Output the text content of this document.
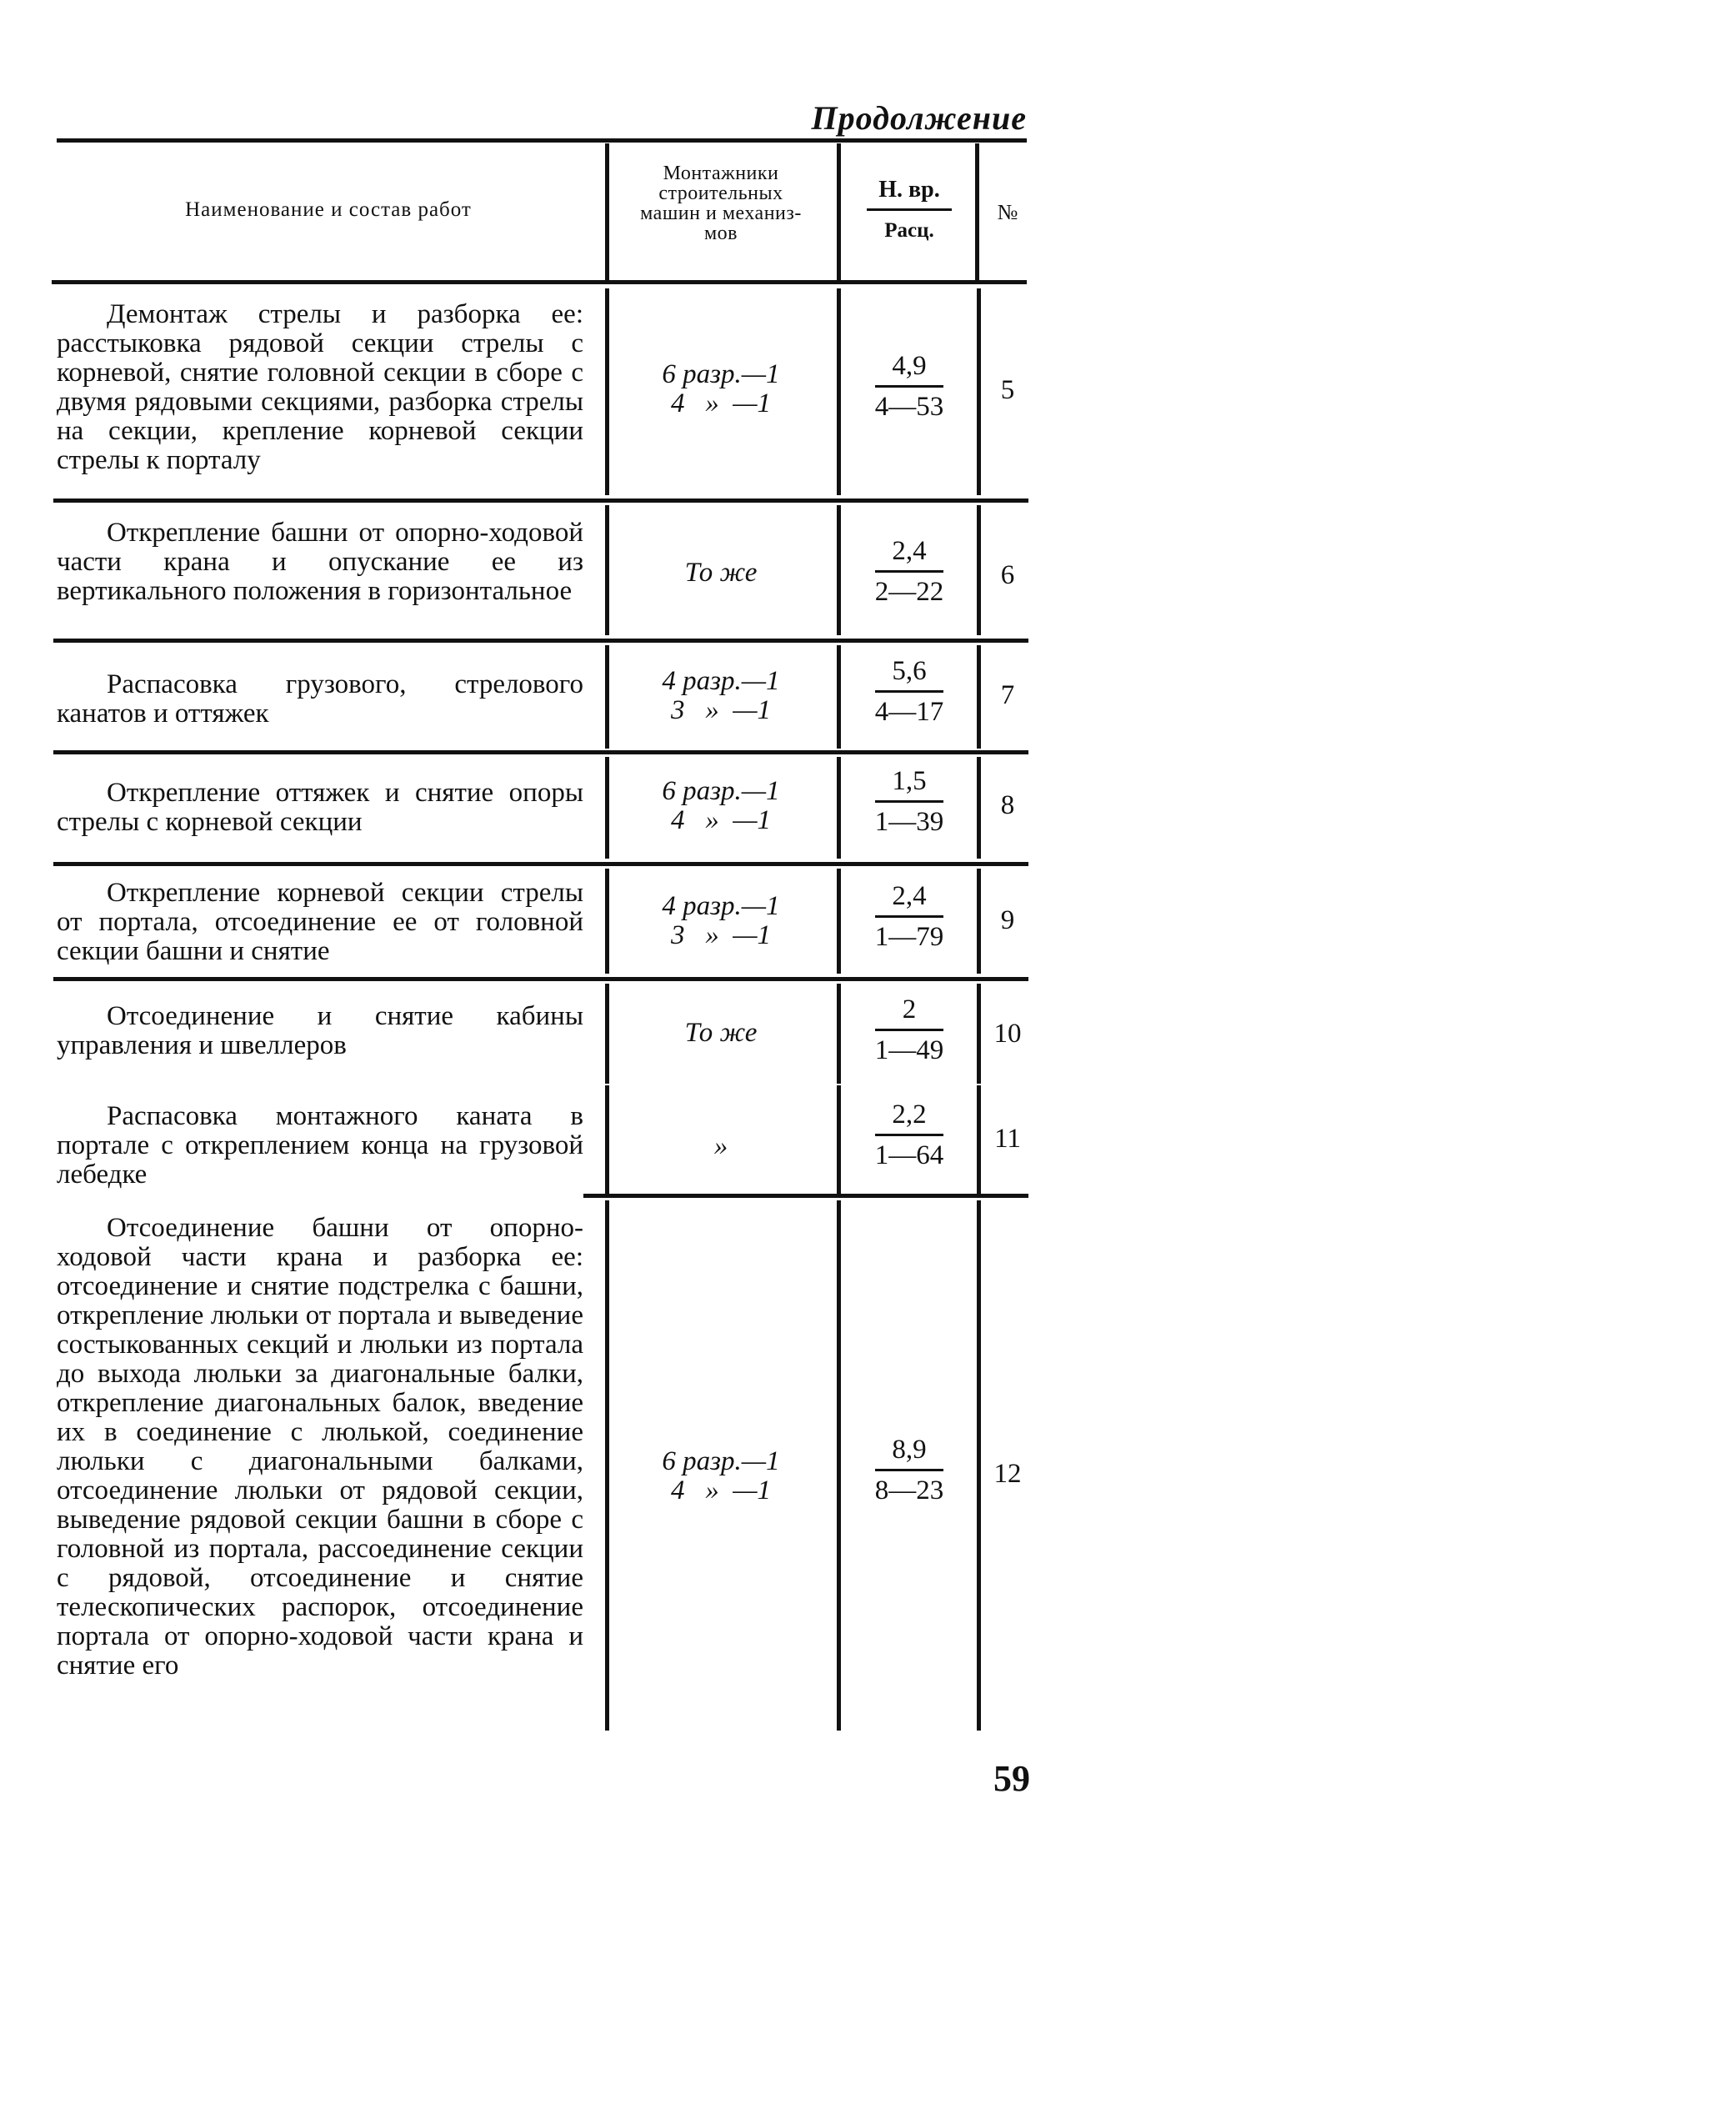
Продолжение
Наименование и состав работ
Монтажники
строительных
машин и механиз-
мов
Н. вр.
Расц.
№
Демонтаж стрелы и разборка ее: расстыковка рядовой секции стрелы с корневой, снятие головной секции в сборе с двумя рядовыми секциями, разборка стрелы на секции, крепление корневой секции стрелы к порталу
6 разр.—1
4   »  —1
4,9
4—53
5
Открепление башни от опорно-ходовой части крана и опускание ее из вертикального положения в горизонтальное
То же
2,4
2—22
6
Распасовка грузового, стрелового канатов и оттяжек
4 разр.—1
3   »  —1
5,6
4—17
7
Открепление оттяжек и снятие опоры стрелы с корневой секции
6 разр.—1
4   »  —1
1,5
1—39
8
Открепление корневой секции стрелы от портала, отсоединение ее от головной секции башни и снятие
4 разр.—1
3   »  —1
2,4
1—79
9
Отсоединение и снятие кабины управления и швеллеров	То же
2
1—49
10
Распасовка монтажного каната в портале с откреплением конца на грузовой лебедке
»
2,2
1—64
11
Отсоединение башни от опорно-ходовой части крана и разборка ее: отсоединение и снятие подстрелка с башни, открепление люльки от портала и выведение состыкованных секций и люльки из портала до выхода люльки за диагональные балки, открепление диагональных балок, введение их в соединение с люлькой, соединение люльки с диагональными балками, отсоединение люльки от рядовой секции, выведение рядовой секции башни в сборе с головной из портала, рассоединение секции с рядовой, отсоединение и снятие телескопических распорок, отсоединение портала от опорно-ходовой части крана и снятие его
6 разр.—1
4   »  —1
8,9
8—23
12
59
